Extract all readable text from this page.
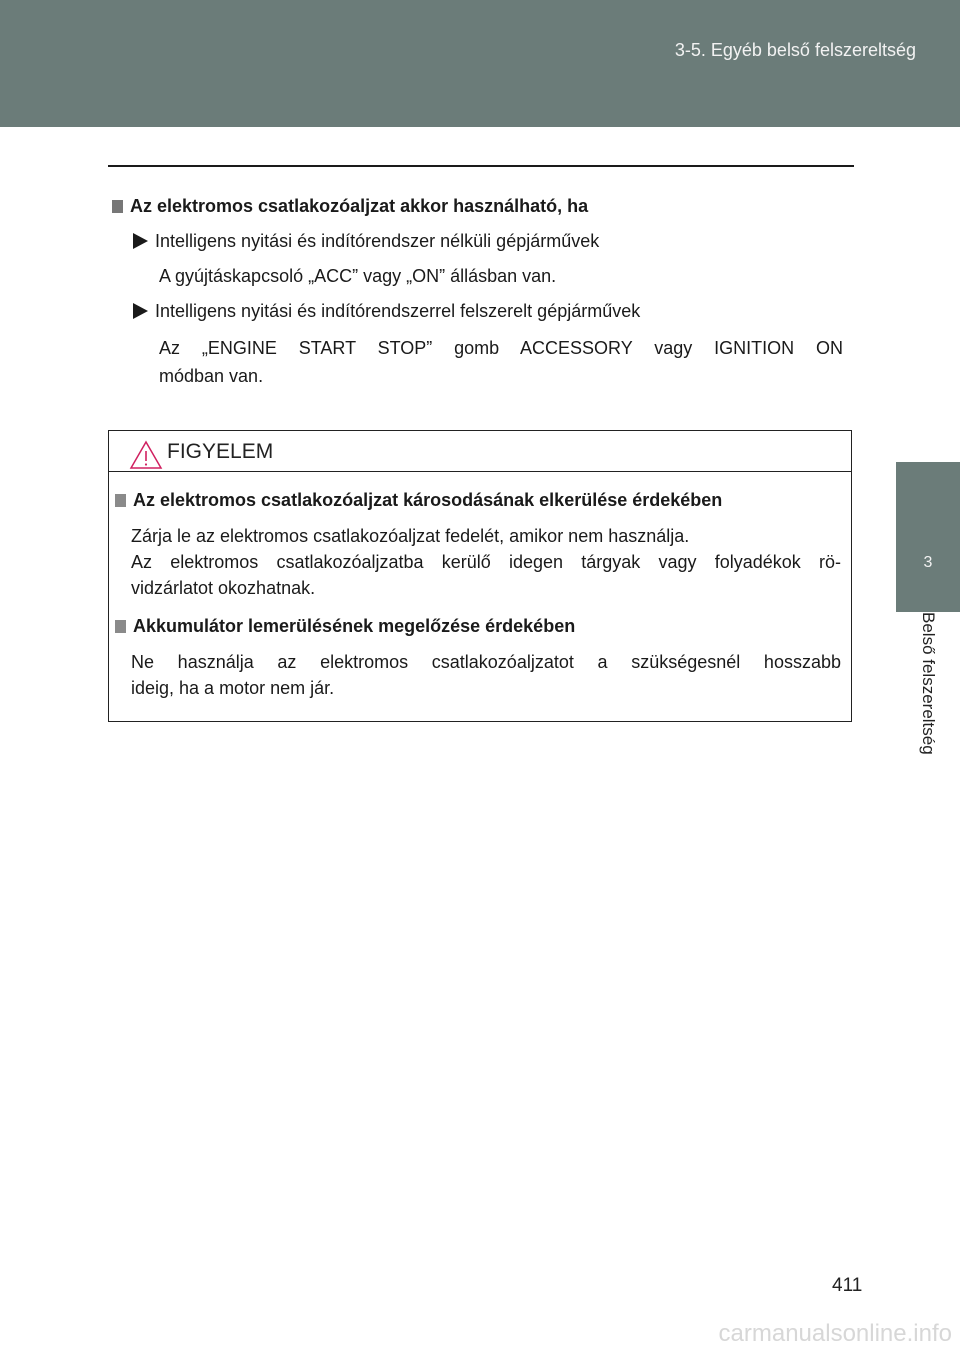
3-5. Egyéb belső felszereltség
3
Belső felszereltség
Az elektromos csatlakozóaljzat akkor használható, ha
Intelligens nyitási és indítórendszer nélküli gépjárművek
A gyújtáskapcsoló „ACC” vagy „ON” állásban van.
Intelligens nyitási és indítórendszerrel felszerelt gépjárművek
Az „ENGINE START STOP” gomb ACCESSORY vagy IGNITION ON
módban van.
FIGYELEM
Az elektromos csatlakozóaljzat károsodásának elkerülése érdekében
Zárja le az elektromos csatlakozóaljzat fedelét, amikor nem használja.
Az elektromos csatlakozóaljzatba kerülő idegen tárgyak vagy folyadékok rö-
vidzárlatot okozhatnak.
Akkumulátor lemerülésének megelőzése érdekében
Ne használja az elektromos csatlakozóaljzatot a szükségesnél hosszabb
ideig, ha a motor nem jár.
411
carmanualsonline.info
